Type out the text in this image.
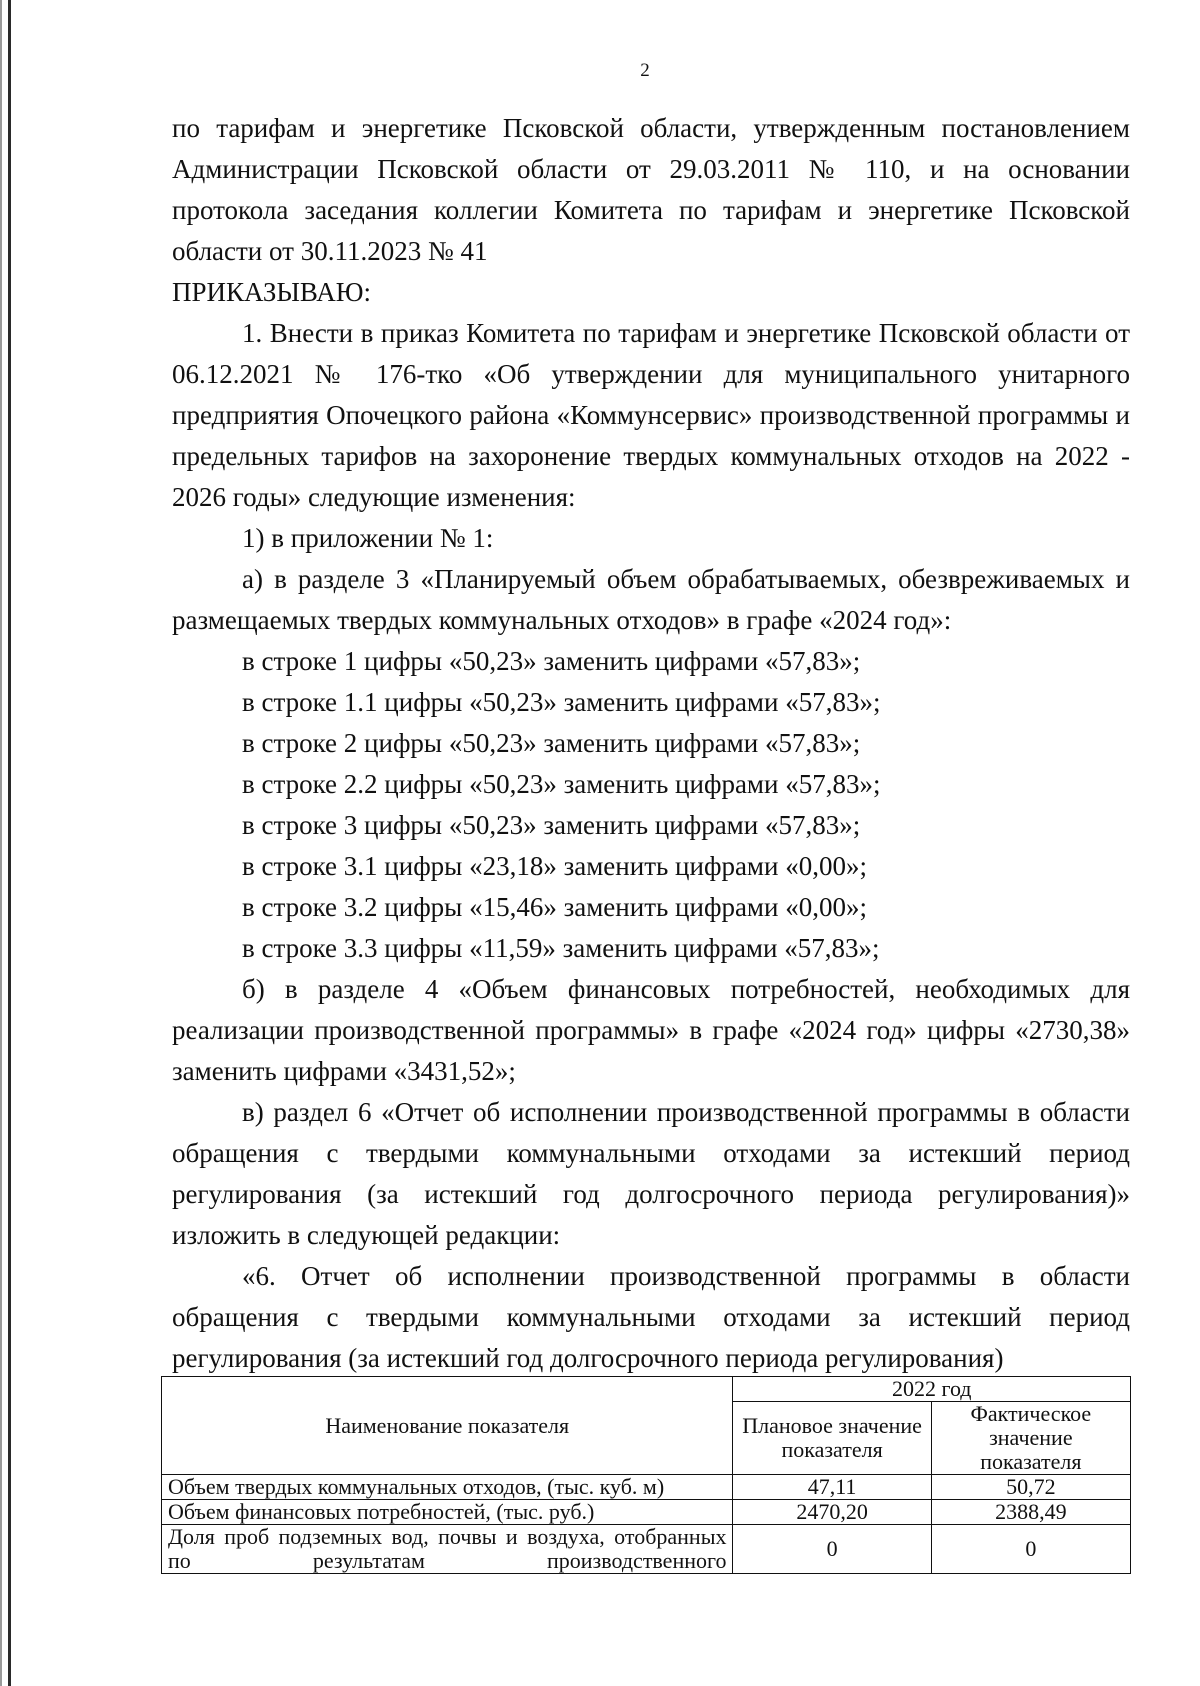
2

по тарифам и энергетике Псковской области, утвержденным постановлением Администрации Псковской области от 29.03.2011 № 110, и на основании протокола заседания коллегии Комитета по тарифам и энергетике Псковской области от 30.11.2023 № 41

ПРИКАЗЫВАЮ:

1. Внести в приказ Комитета по тарифам и энергетике Псковской области от 06.12.2021 № 176-тко «Об утверждении для муниципального унитарного предприятия Опочецкого района «Коммунсервис» производственной программы и предельных тарифов на захоронение твердых коммунальных отходов на 2022 - 2026 годы» следующие изменения:

1) в приложении № 1:

а) в разделе 3 «Планируемый объем обрабатываемых, обезвреживаемых и размещаемых твердых коммунальных отходов» в графе «2024 год»:

в строке 1 цифры «50,23» заменить цифрами «57,83»;

в строке 1.1 цифры «50,23» заменить цифрами «57,83»;

в строке 2 цифры «50,23» заменить цифрами «57,83»;

в строке 2.2 цифры «50,23» заменить цифрами «57,83»;

в строке 3 цифры «50,23» заменить цифрами «57,83»;

в строке 3.1 цифры «23,18» заменить цифрами «0,00»;

в строке 3.2 цифры «15,46» заменить цифрами «0,00»;

в строке 3.3 цифры «11,59» заменить цифрами «57,83»;

б) в разделе 4 «Объем финансовых потребностей, необходимых для реализации производственной программы» в графе «2024 год» цифры «2730,38» заменить цифрами «3431,52»;

в) раздел 6 «Отчет об исполнении производственной программы в области обращения с твердыми коммунальными отходами за истекший период регулирования (за истекший год долгосрочного периода регулирования)» изложить в следующей редакции:

«6. Отчет об исполнении производственной программы в области обращения с твердыми коммунальными отходами за истекший период регулирования (за истекший год долгосрочного периода регулирования)

Наименование показателя	2022 год	
	Плановое значение показателя	Фактическое значение показателя
Объем твердых коммунальных отходов, (тыс. куб. м)	47,11	50,72
Объем финансовых потребностей, (тыс. руб.)	2470,20	2388,49
Доля проб подземных вод, почвы и воздуха, отобранных по результатам производственного	0	0
